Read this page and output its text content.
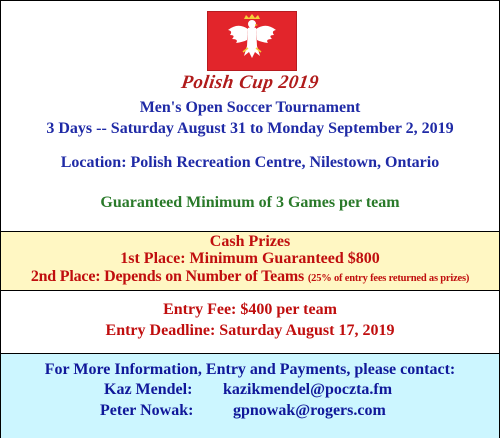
Polish Cup 2019
Men's Open Soccer Tournament
3 Days -- Saturday August 31 to Monday September 2, 2019
Location: Polish Recreation Centre, Nilestown, Ontario
Guaranteed Minimum of 3 Games per team
Cash Prizes
1st Place: Minimum Guaranteed $800
2nd Place: Depends on Number of Teams (25% of entry fees returned as prizes)
Entry Fee: $400 per team
Entry Deadline: Saturday August 17, 2019
For More Information, Entry and Payments, please contact:
Kaz Mendel: kazikmendel@poczta.fm
Peter Nowak: gpnowak@rogers.com
